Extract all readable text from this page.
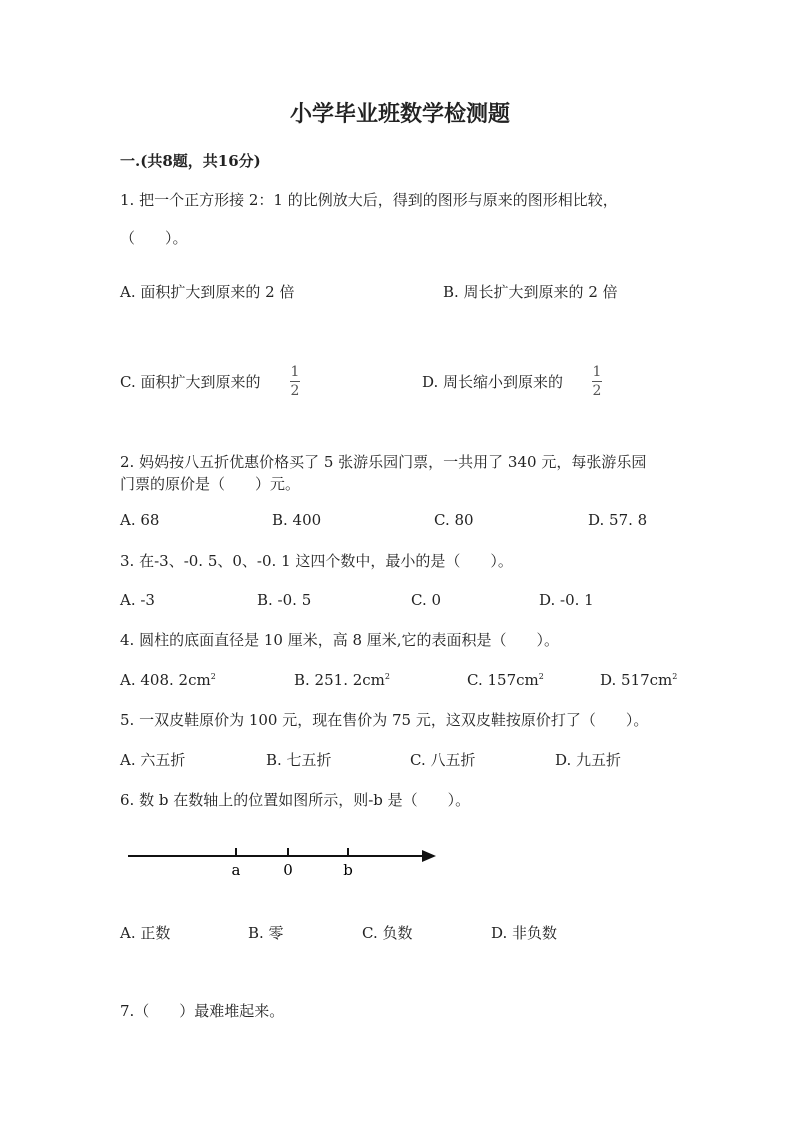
小学毕业班数学检测题
一.(共8题，共16分)
1. 把一个正方形接 2：1 的比例放大后，得到的图形与原来的图形相比较，
（　　）。
A. 面积扩大到原来的 2 倍	B. 周长扩大到原来的 2 倍
C. 面积扩大到原来的
1
2	D. 周长缩小到原来的
1
2
2. 妈妈按八五折优惠价格买了 5 张游乐园门票，一共用了 340 元，每张游乐园
门票的原价是（　　）元。
A. 68	B. 400	C. 80	D. 57. 8
3. 在-3、-0. 5、0、-0. 1 这四个数中，最小的是（　　）。
A. -3	B. -0. 5	C. 0	D. -0. 1
4. 圆柱的底面直径是 10 厘米，高 8 厘米,它的表面积是（　　）。
A. 408. $2cm^2$	B. 251. $2cm^2$	C. $157cm^2$	D. $517cm^2$
5. 一双皮鞋原价为 100 元，现在售价为 75 元，这双皮鞋按原价打了（　　）。
A. 六五折	B. 七五折	C. 八五折	D. 九五折
6. 数 b 在数轴上的位置如图所示，则-b 是（　　）。
a	0	b
A. 正数	B. 零	C. 负数	D. 非负数
7.（　　）最难堆起来。
